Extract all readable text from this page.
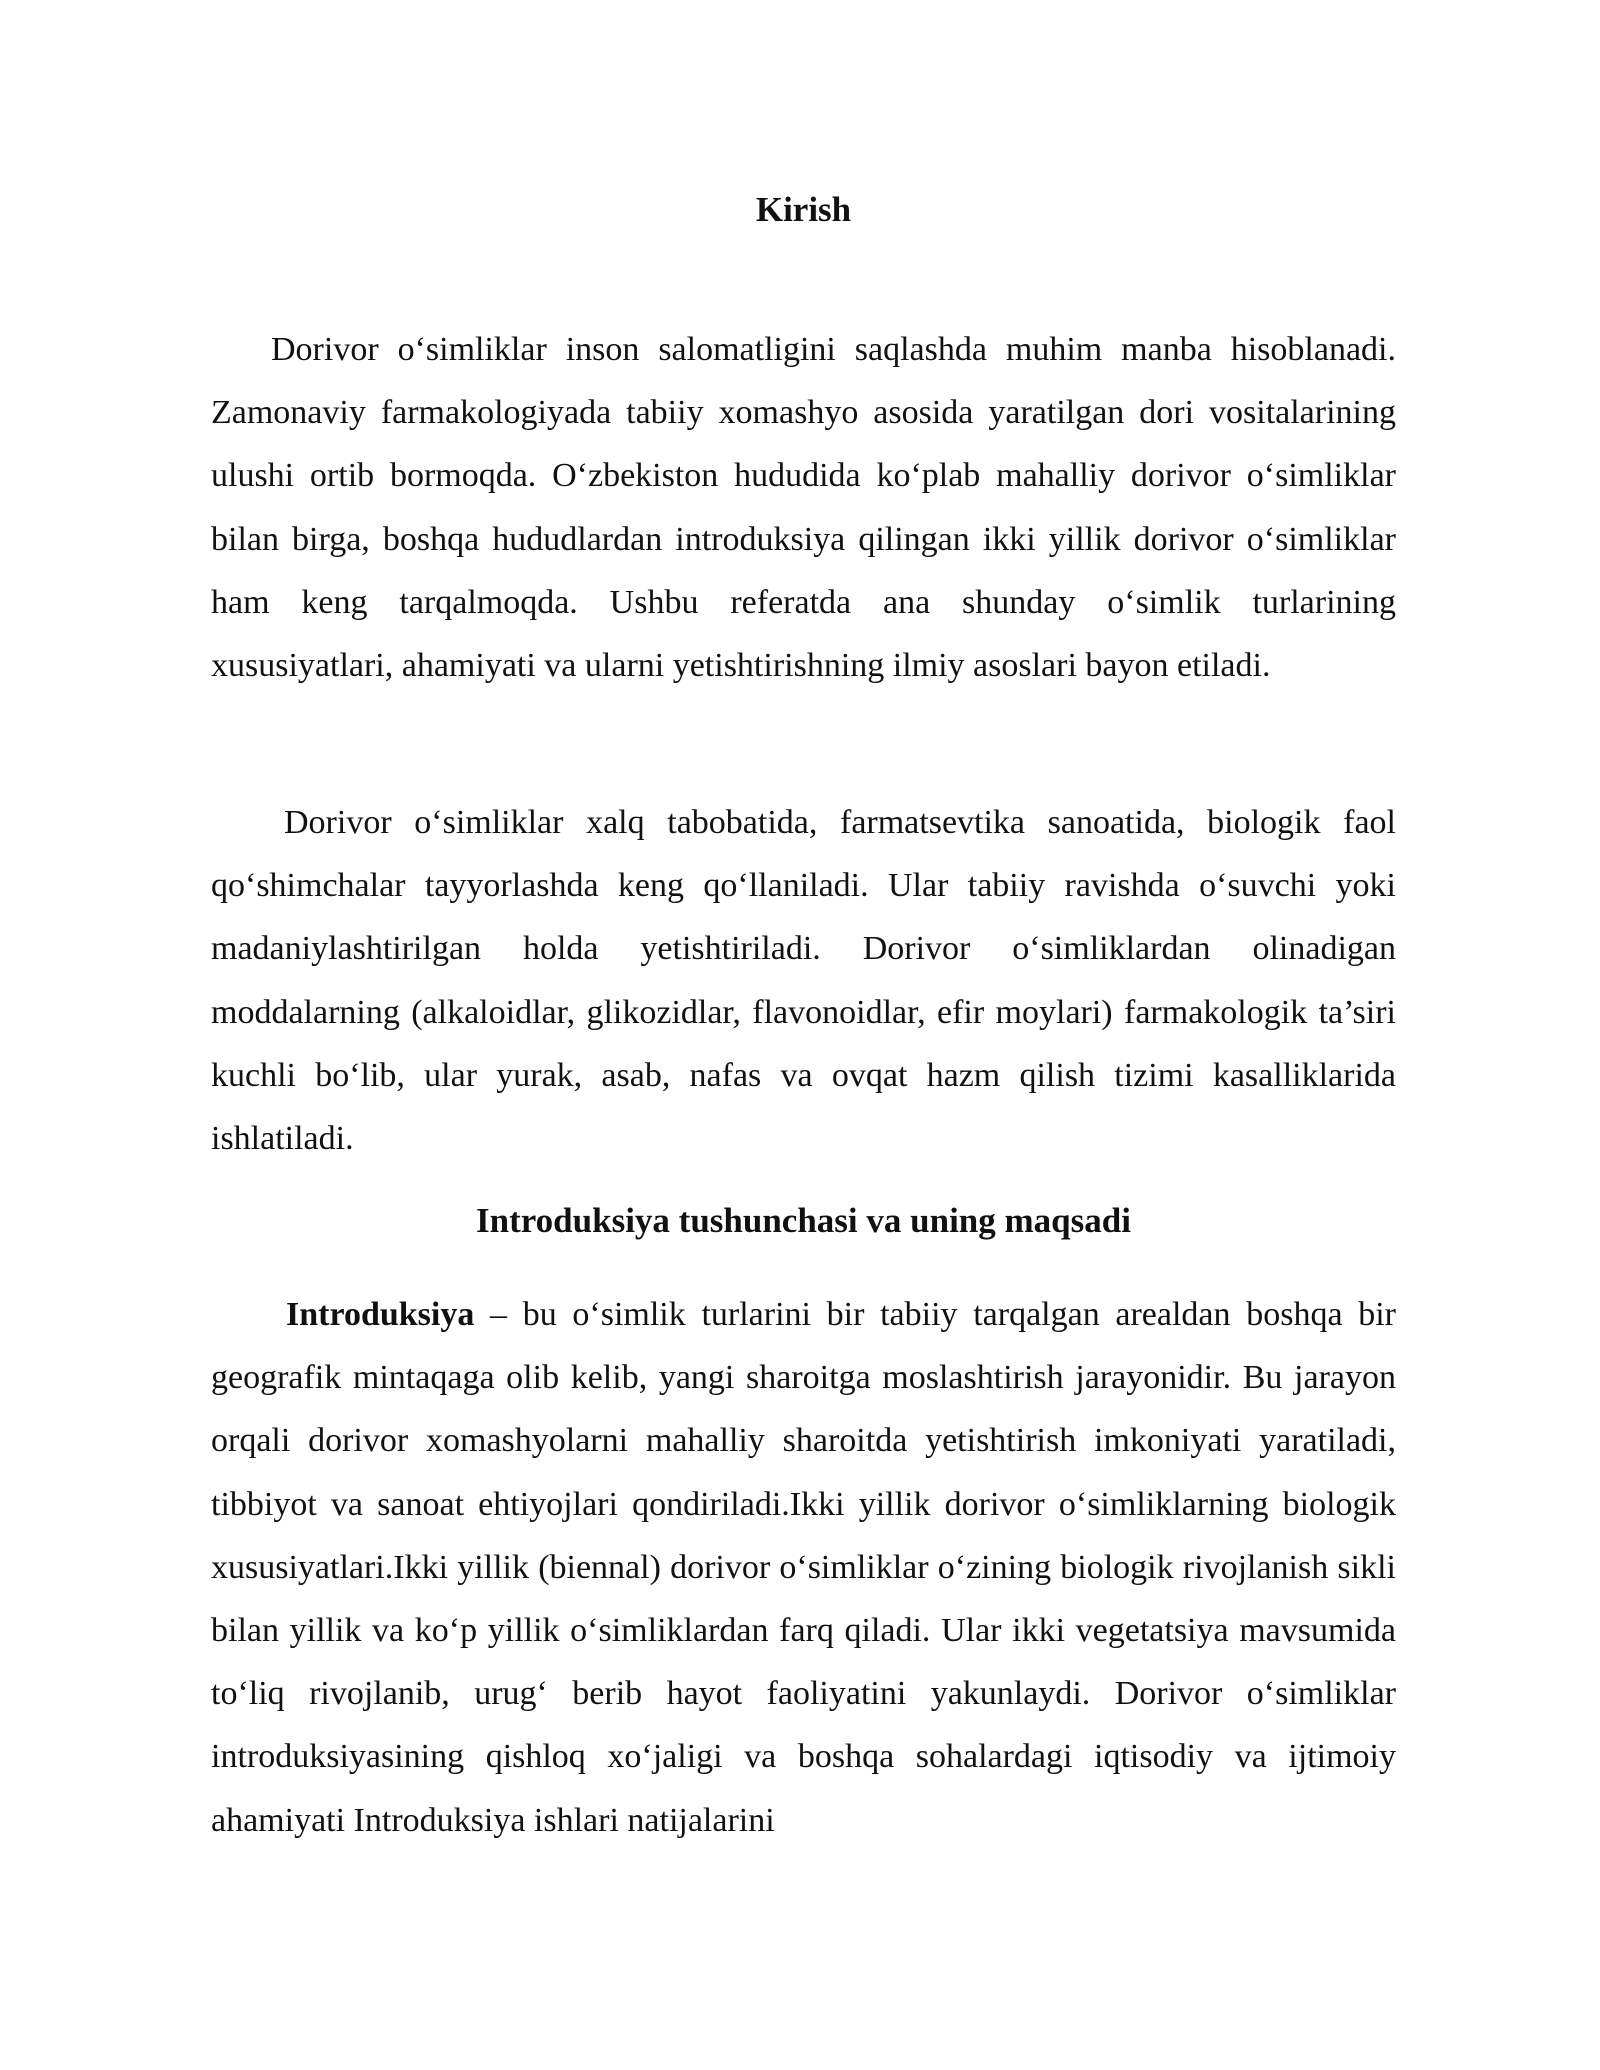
Kirish

Dorivor o‘simliklar inson salomatligini saqlashda muhim manba hisoblanadi. Zamonaviy farmakologiyada tabiiy xomashyo asosida yaratilgan dori vositalarining ulushi ortib bormoqda. O‘zbekiston hududida ko‘plab mahalliy dorivor o‘simliklar bilan birga, boshqa hududlardan introduksiya qilingan ikki yillik dorivor o‘simliklar ham keng tarqalmoqda. Ushbu referatda ana shunday o‘simlik turlarining xususiyatlari, ahamiyati va ularni yetishtirishning ilmiy asoslari bayon etiladi.

Dorivor o‘simliklar xalq tabobatida, farmatsevtika sanoatida, biologik faol qo‘shimchalar tayyorlashda keng qo‘llaniladi. Ular tabiiy ravishda o‘suvchi yoki madaniylashtirilgan holda yetishtiriladi. Dorivor o‘simliklardan olinadigan moddalarning (alkaloidlar, glikozidlar, flavonoidlar, efir moylari) farmakologik ta’siri kuchli bo‘lib, ular yurak, asab, nafas va ovqat hazm qilish tizimi kasalliklarida ishlatiladi.

Introduksiya tushunchasi va uning maqsadi

Introduksiya – bu o‘simlik turlarini bir tabiiy tarqalgan arealdan boshqa bir geografik mintaqaga olib kelib, yangi sharoitga moslashtirish jarayonidir. Bu jarayon orqali dorivor xomashyolarni mahalliy sharoitda yetishtirish imkoniyati yaratiladi, tibbiyot va sanoat ehtiyojlari qondiriladi.Ikki yillik dorivor o‘simliklarning biologik xususiyatlari.Ikki yillik (biennal) dorivor o‘simliklar o‘zining biologik rivojlanish sikli bilan yillik va ko‘p yillik o‘simliklardan farq qiladi. Ular ikki vegetatsiya mavsumida to‘liq rivojlanib, urug‘ berib hayot faoliyatini yakunlaydi. Dorivor o‘simliklar introduksiyasining qishloq xo‘jaligi va boshqa sohalardagi iqtisodiy va ijtimoiy ahamiyati Introduksiya ishlari natijalarini
